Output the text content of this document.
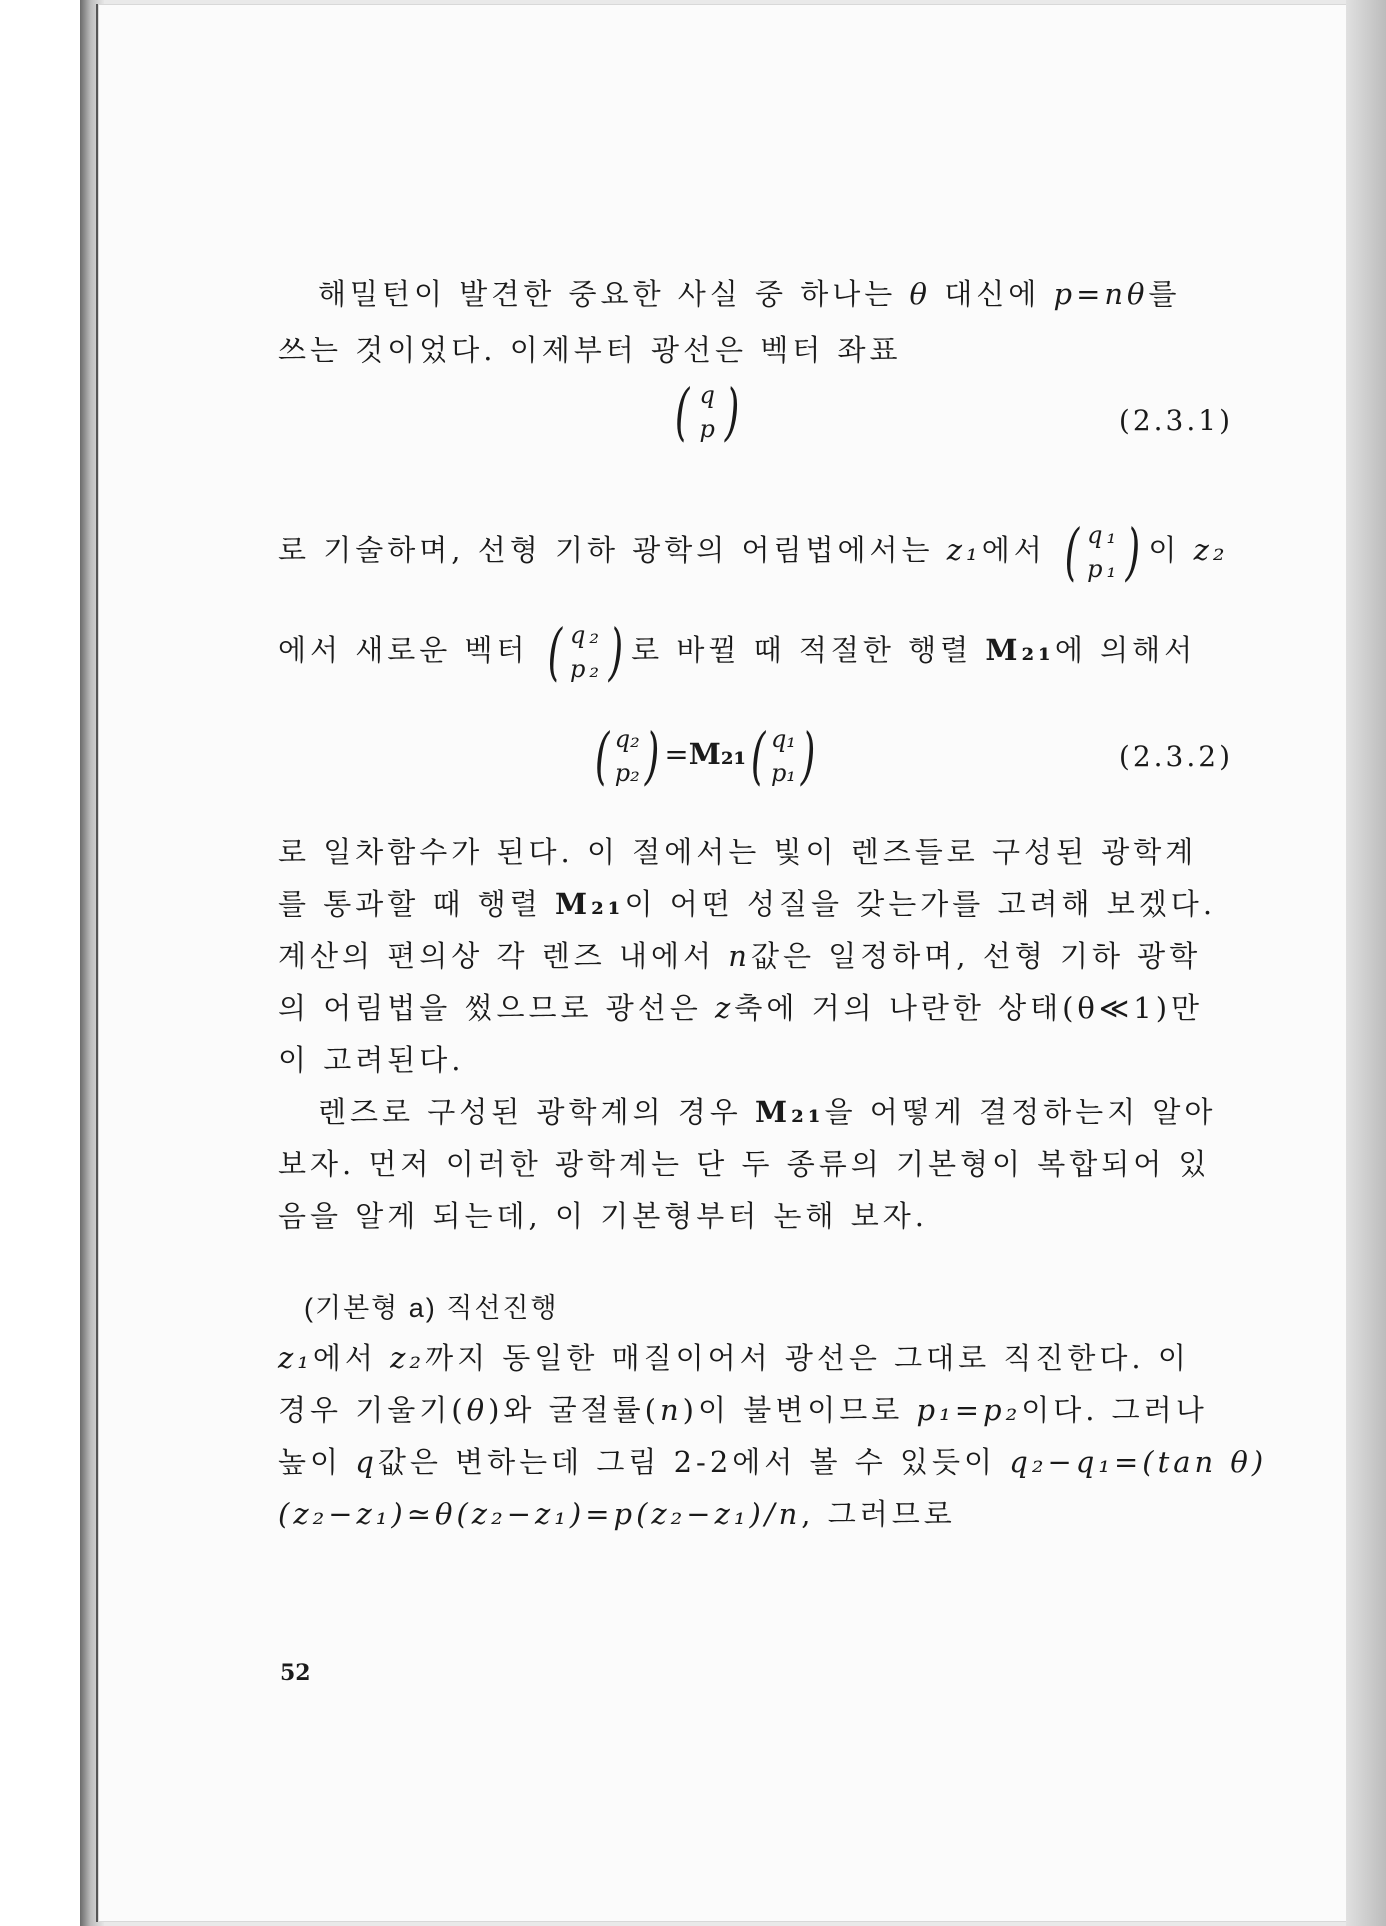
해밀턴이 발견한 중요한 사실 중 하나는 θ 대신에 p=nθ를
쓰는 것이었다. 이제부터 광선은 벡터 좌표
( q
p )	(2.3.1)
로 기술하며, 선형 기하 광학의 어림법에서는 z₁에서 ( q₁
p₁ ) 이 z₂
에서 새로운 벡터 ( q₂
p₂ ) 로 바뀔 때 적절한 행렬 M₂₁에 의해서
( q₂
p₂ ) =M₂₁ ( q₁
p₁ )	(2.3.2)
로 일차함수가 된다. 이 절에서는 빛이 렌즈들로 구성된 광학계
를 통과할 때 행렬 M₂₁이 어떤 성질을 갖는가를 고려해 보겠다.
계산의 편의상 각 렌즈 내에서 n값은 일정하며, 선형 기하 광학
의 어림법을 썼으므로 광선은 z축에 거의 나란한 상태(θ≪1)만
이 고려된다.
렌즈로 구성된 광학계의 경우 M₂₁을 어떻게 결정하는지 알아
보자. 먼저 이러한 광학계는 단 두 종류의 기본형이 복합되어 있
음을 알게 되는데, 이 기본형부터 논해 보자.
(기본형 a) 직선진행
z₁에서 z₂까지 동일한 매질이어서 광선은 그대로 직진한다. 이
경우 기울기(θ)와 굴절률(n)이 불변이므로 p₁=p₂이다. 그러나
높이 q값은 변하는데 그림 2-2에서 볼 수 있듯이 q₂−q₁=(tan θ)
(z₂−z₁)≃θ(z₂−z₁)=p(z₂−z₁)/n, 그러므로
52
